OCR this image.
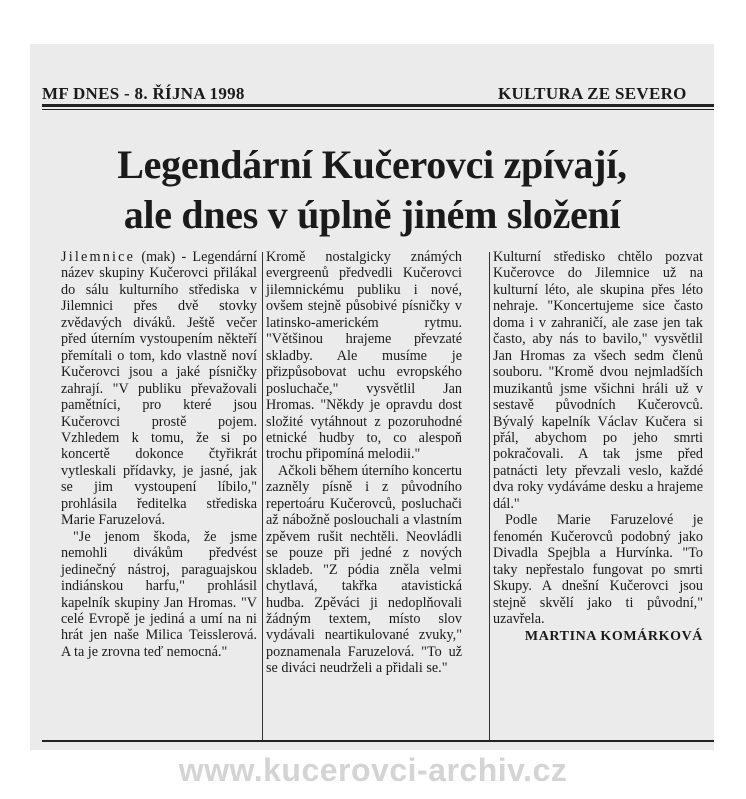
MF DNES - 8. ŘÍJNA 1998	KULTURA ZE SEVERO
Legendární Kučerovci zpívají,
ale dnes v úplně jiném složení

Jilemnice (mak) - Legendární název skupiny Kučerovci přilákal do sálu kulturního střediska v Jilemnici přes dvě stovky zvědavých diváků. Ještě večer před úterním vystoupením někteří přemítali o tom, kdo vlastně noví Kučerovci jsou a jaké písničky zahrají. "V publiku převažovali pamětníci, pro které jsou Kučerovci prostě pojem. Vzhledem k tomu, že si po koncertě dokonce čtyřikrát vytleskali přídavky, je jasné, jak se jim vystoupení líbilo," prohlásila ředitelka střediska Marie Faruzelová.

"Je jenom škoda, že jsme nemohli divákům předvést jedinečný nástroj, paraguajskou indiánskou harfu," prohlásil kapelník skupiny Jan Hromas. "V celé Evropě je jediná a umí na ni hrát jen naše Milica Teisslerová. A ta je zrovna teď nemocná."

Kromě nostalgicky známých evergreenů předvedli Kučerovci jilemnickému publiku i nové, ovšem stejně působivé písničky v latinsko-americkém rytmu. "Většinou hrajeme převzaté skladby. Ale musíme je přizpůsobovat uchu evropského posluchače," vysvětlil Jan Hromas. "Někdy je opravdu dost složité vytáhnout z pozoruhodné etnické hudby to, co alespoň trochu připomíná melodii."

Ačkoli během úterního koncertu zazněly písně i z původního repertoáru Kučerovců, posluchači až nábožně poslouchali a vlastním zpěvem rušit nechtěli. Neovládli se pouze při jedné z nových skladeb. "Z pódia zněla velmi chytlavá, takřka atavistická hudba. Zpěváci ji nedoplňovali žádným textem, místo slov vydávali neartikulované zvuky," poznamenala Faruzelová. "To už se diváci neudrželi a přidali se."

Kulturní středisko chtělo pozvat Kučerovce do Jilemnice už na kulturní léto, ale skupina přes léto nehraje. "Koncertujeme sice často doma i v zahraničí, ale zase jen tak často, aby nás to bavilo," vysvětlil Jan Hromas za všech sedm členů souboru. "Kromě dvou nejmladších muzikantů jsme všichni hráli už v sestavě původních Kučerovců. Bývalý kapelník Václav Kučera si přál, abychom po jeho smrti pokračovali. A tak jsme před patnácti lety převzali veslo, každé dva roky vydáváme desku a hrajeme dál."

Podle Marie Faruzelové je fenomén Kučerovců podobný jako Divadla Spejbla a Hurvínka. "To taky nepřestalo fungovat po smrti Skupy. A dnešní Kučerovci jsou stejně skvělí jako ti původní," uzavřela.

MARTINA KOMÁRKOVÁ
www.kucerovci-archiv.cz
